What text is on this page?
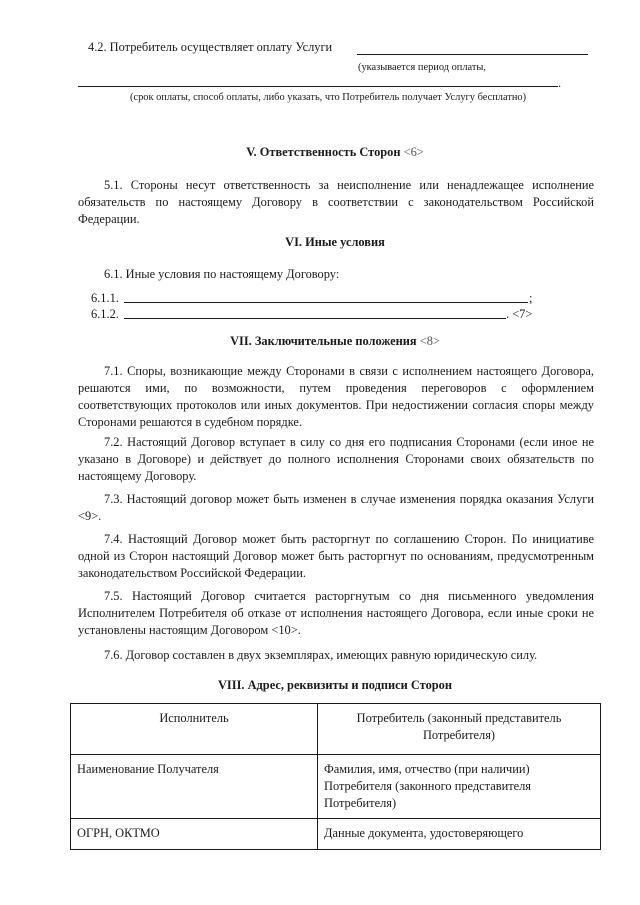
4.2. Потребитель осуществляет оплату Услуги
(указывается период оплаты,
.
(срок оплаты, способ оплаты, либо указать, что Потребитель получает Услугу бесплатно)
V. Ответственность Сторон <6>
5.1. Стороны несут ответственность за неисполнение или ненадлежащее исполнение обязательств по настоящему Договору в соответствии с законодательством Российской Федерации.
VI. Иные условия
6.1. Иные условия по настоящему Договору:
6.1.1.	;
6.1.2.	. <7>
VII. Заключительные положения <8>
7.1. Споры, возникающие между Сторонами в связи с исполнением настоящего Договора, решаются ими, по возможности, путем проведения переговоров с оформлением соответствующих протоколов или иных документов. При недостижении согласия споры между Сторонами решаются в судебном порядке.
7.2. Настоящий Договор вступает в силу со дня его подписания Сторонами (если иное не указано в Договоре) и действует до полного исполнения Сторонами своих обязательств по настоящему Договору.
7.3. Настоящий договор может быть изменен в случае изменения порядка оказания Услуги <9>.
7.4. Настоящий Договор может быть расторгнут по соглашению Сторон. По инициативе одной из Сторон настоящий Договор может быть расторгнут по основаниям, предусмотренным законодательством Российской Федерации.
7.5. Настоящий Договор считается расторгнутым со дня письменного уведомления Исполнителем Потребителя об отказе от исполнения настоящего Договора, если иные сроки не установлены настоящим Договором <10>.
7.6. Договор составлен в двух экземплярах, имеющих равную юридическую силу.
VIII. Адрес, реквизиты и подписи Сторон
Исполнитель	Потребитель (законный представитель Потребителя)
Наименование Получателя	Фамилия, имя, отчество (при наличии) Потребителя (законного представителя Потребителя)
ОГРН, ОКТМО	Данные документа, удостоверяющего
